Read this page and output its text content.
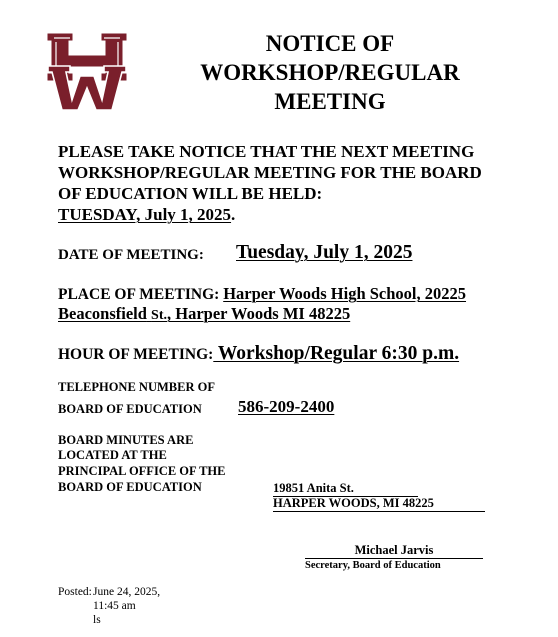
NOTICE OF
WORKSHOP/REGULAR
MEETING
PLEASE TAKE NOTICE THAT THE NEXT MEETING
WORKSHOP/REGULAR MEETING FOR THE BOARD
OF EDUCATION WILL BE HELD:
TUESDAY, July 1, 2025.
DATE OF MEETING: Tuesday, July 1, 2025
PLACE OF MEETING: Harper Woods High School, 20225
Beaconsfield St., Harper Woods MI 48225
HOUR OF MEETING: Workshop/Regular 6:30 p.m.
TELEPHONE NUMBER OF
BOARD OF EDUCATION 586-209-2400
BOARD MINUTES ARE
LOCATED AT THE
PRINCIPAL OFFICE OF THE
BOARD OF EDUCATION	19851 Anita St.
HARPER WOODS, MI 48225
Michael Jarvis
Secretary, Board of Education
Posted: June 24, 2025,
11:45 am
ls
